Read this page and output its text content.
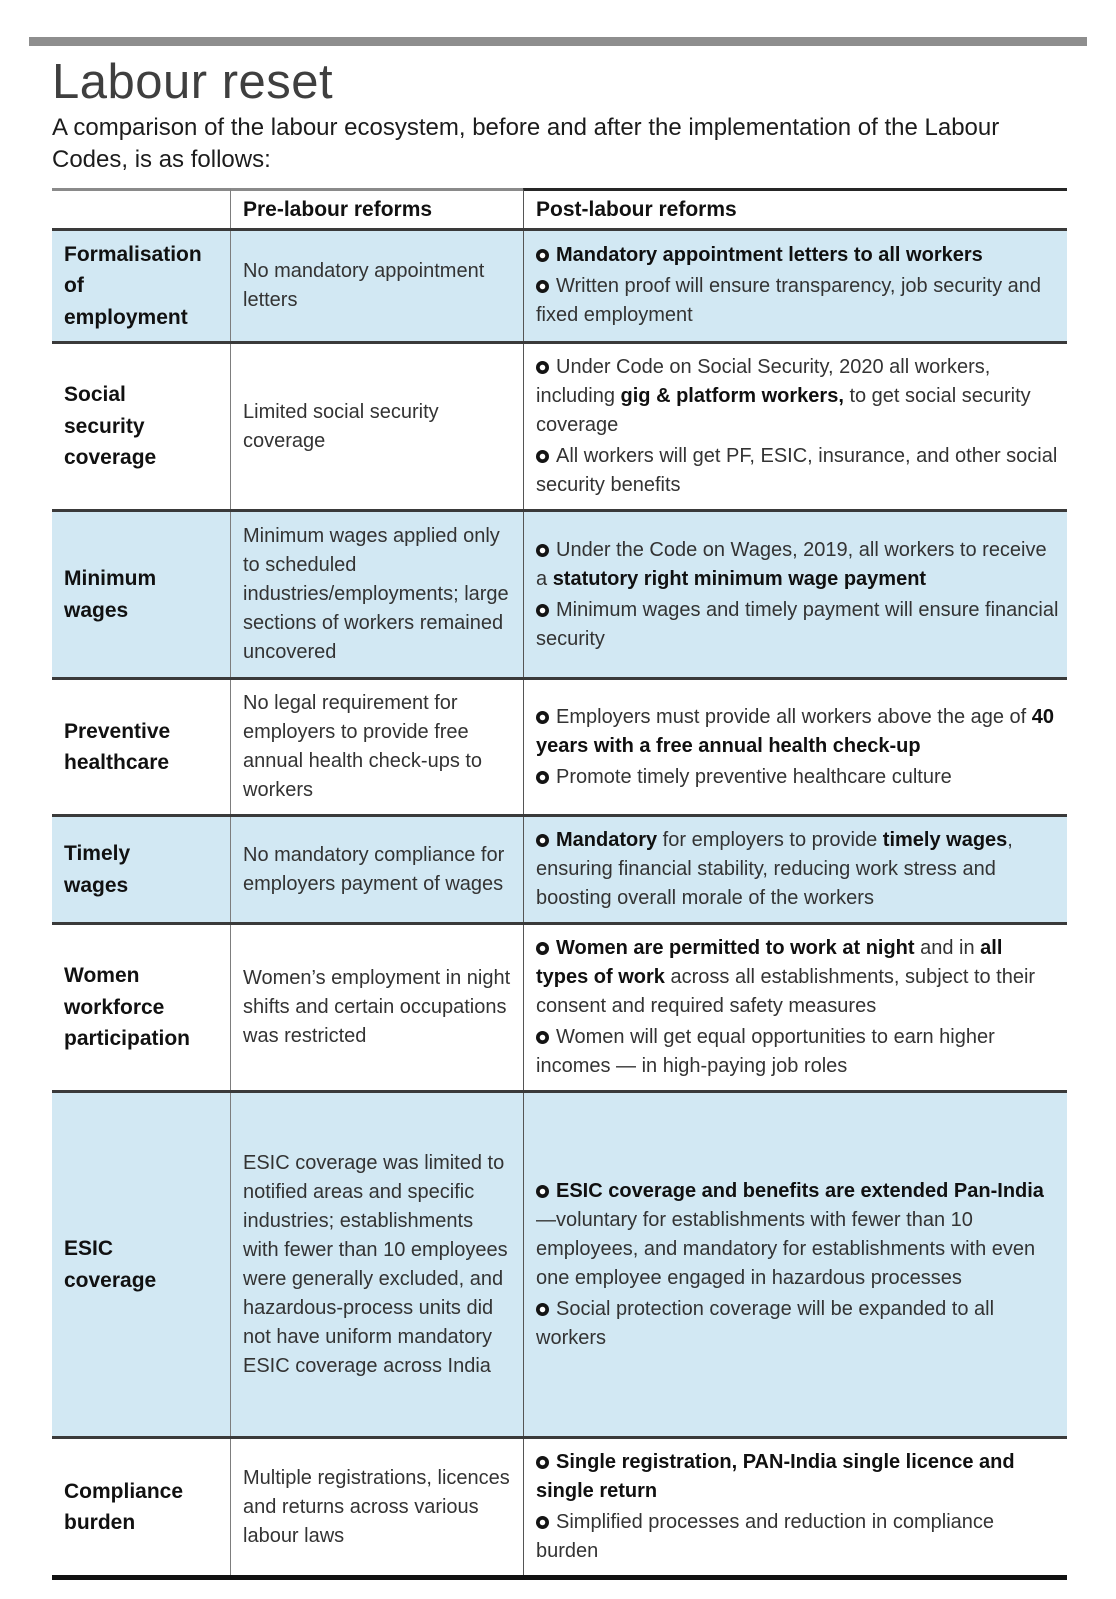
Labour reset

A comparison of the labour ecosystem, before and after the implementation of the Labour Codes, is as follows:

Pre-labour reforms	Post-labour reforms
Formalisation of employment

No mandatory appointment letters

Mandatory appointment letters to all workers

Written proof will ensure transparency, job security and fixed employment

Social security coverage

Limited social security coverage

Under Code on Social Security, 2020 all workers, including gig & platform workers, to get social security coverage

All workers will get PF, ESIC, insurance, and other social security benefits

Minimum wages

Minimum wages applied only to scheduled industries/employments; large sections of workers remained uncovered

Under the Code on Wages, 2019, all workers to receive a statutory right minimum wage payment

Minimum wages and timely payment will ensure financial security

Preventive healthcare

No legal requirement for employers to provide free annual health check-ups to workers

Employers must provide all workers above the age of 40 years with a free annual health check-up

Promote timely preventive healthcare culture

Timely wages

No mandatory compliance for employers payment of wages

Mandatory for employers to provide timely wages, ensuring financial stability, reducing work stress and boosting overall morale of the workers

Women workforce participation

Women’s employment in night shifts and certain occupations was restricted

Women are permitted to work at night and in all types of work across all establishments, subject to their consent and required safety measures

Women will get equal opportunities to earn higher incomes — in high-paying job roles

ESIC coverage

ESIC coverage was limited to notified areas and specific industries; establishments with fewer than 10 employees were generally excluded, and hazardous-process units did not have uniform mandatory ESIC coverage across India

ESIC coverage and benefits are extended Pan-India —voluntary for establishments with fewer than 10 employees, and mandatory for establishments with even one employee engaged in hazardous processes

Social protection coverage will be expanded to all workers

Compliance burden

Multiple registrations, licences and returns across various labour laws

Single registration, PAN-India single licence and single return

Simplified processes and reduction in compliance burden
